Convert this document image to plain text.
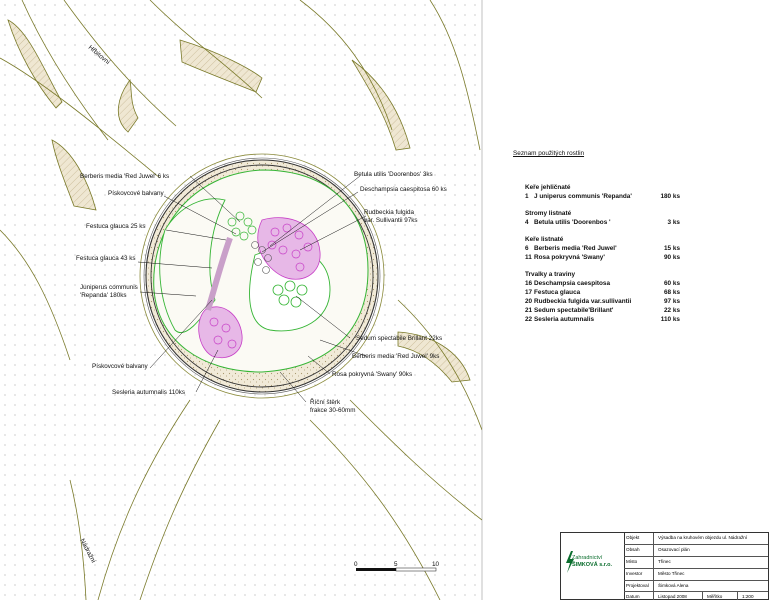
Hřbitovní
Nádražní
Berberis media 'Red Juwel' 6 ks
Pískovcové balvany
Festuca glauca 25 ks
Festuca glauca 43 ks
Juniperus communis
'Repanda' 180ks
Pískovcové balvany
Sesleria autumnalis 110ks
Betula utilis 'Doorenbos' 3ks
Deschampsia caespitosa 60 ks
Rudbeckia fulgida
var. Sullivantii 97ks
Sedum spectabile Brillant 22ks
Berberis media 'Red Juwel' 9ks
Rosa pokryvná 'Swany' 90ks
Říční štěrk
frakce 30-60mm
0	5	10
Seznam použitých rostlin
Keře jehličnaté
1 J uniperus communis 'Repanda'	180 ks
Stromy listnaté
4 Betula utilis 'Doorenbos '	3 ks
Keře listnaté
6 Berberis media 'Red Juwel'	15 ks
11 Rosa pokryvná 'Swany'	90 ks
Trvalky a traviny
16 Deschampsia caespitosa	60 ks
17 Festuca glauca	68 ks
20 Rudbeckia fulgida var.sullivantii	97 ks
21 Sedum spectabile'Brillant'	22 ks
22 Sesleria autumnalis	110 ks
Zahradnictví
ŠIMKOVÁ s.r.o.
Objekt	Výsadba na kruhovém objezdu ul. Nádražní
Obsah	Osazovací plán
Místo	Třinec
Investor	Město Třinec
Projektoval	Šimková Alena
Datum	Listopad 2008	Měřítko	1:200
